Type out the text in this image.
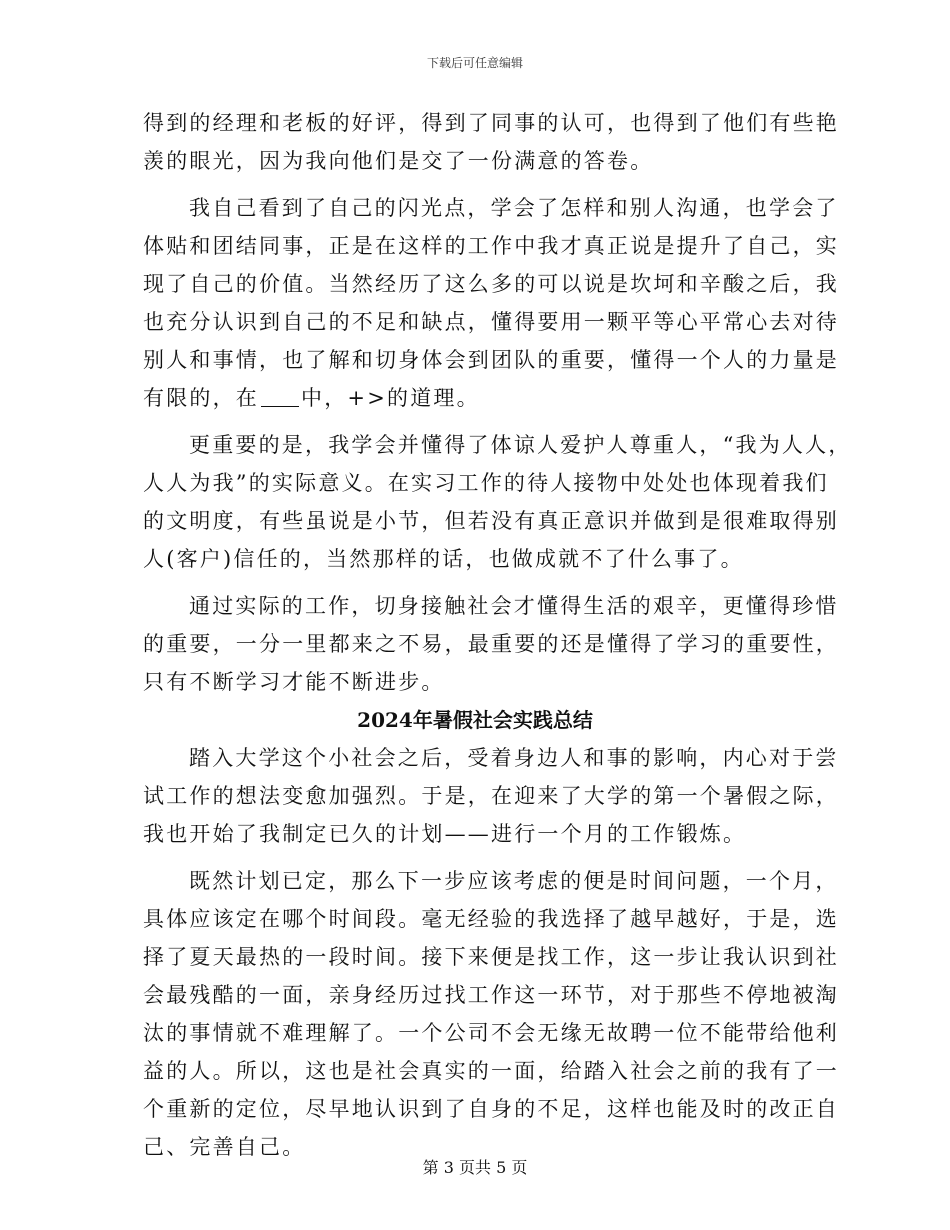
下载后可任意编辑
得到的经理和老板的好评，得到了同事的认可，也得到了他们有些艳
羡的眼光，因为我向他们是交了一份满意的答卷。
我自己看到了自己的闪光点，学会了怎样和别人沟通，也学会了
体贴和团结同事，正是在这样的工作中我才真正说是提升了自己，实
现了自己的价值。当然经历了这么多的可以说是坎坷和辛酸之后，我
也充分认识到自己的不足和缺点，懂得要用一颗平等心平常心去对待
别人和事情，也了解和切身体会到团队的重要，懂得一个人的力量是
有限的，在 中，+>的道理。
更重要的是，我学会并懂得了体谅人爱护人尊重人，“我为人人，
人人为我”的实际意义。在实习工作的待人接物中处处也体现着我们
的文明度，有些虽说是小节，但若没有真正意识并做到是很难取得别
人(客户)信任的，当然那样的话，也做成就不了什么事了。
通过实际的工作，切身接触社会才懂得生活的艰辛，更懂得珍惜
的重要，一分一里都来之不易，最重要的还是懂得了学习的重要性，
只有不断学习才能不断进步。
2024年暑假社会实践总结
踏入大学这个小社会之后，受着身边人和事的影响，内心对于尝
试工作的想法变愈加强烈。于是，在迎来了大学的第一个暑假之际，
我也开始了我制定已久的计划——进行一个月的工作锻炼。
既然计划已定，那么下一步应该考虑的便是时间问题，一个月，
具体应该定在哪个时间段。毫无经验的我选择了越早越好，于是，选
择了夏天最热的一段时间。接下来便是找工作，这一步让我认识到社
会最残酷的一面，亲身经历过找工作这一环节，对于那些不停地被淘
汰的事情就不难理解了。一个公司不会无缘无故聘一位不能带给他利
益的人。所以，这也是社会真实的一面，给踏入社会之前的我有了一
个重新的定位，尽早地认识到了自身的不足，这样也能及时的改正自
己、完善自己。
第 3 页共 5 页
